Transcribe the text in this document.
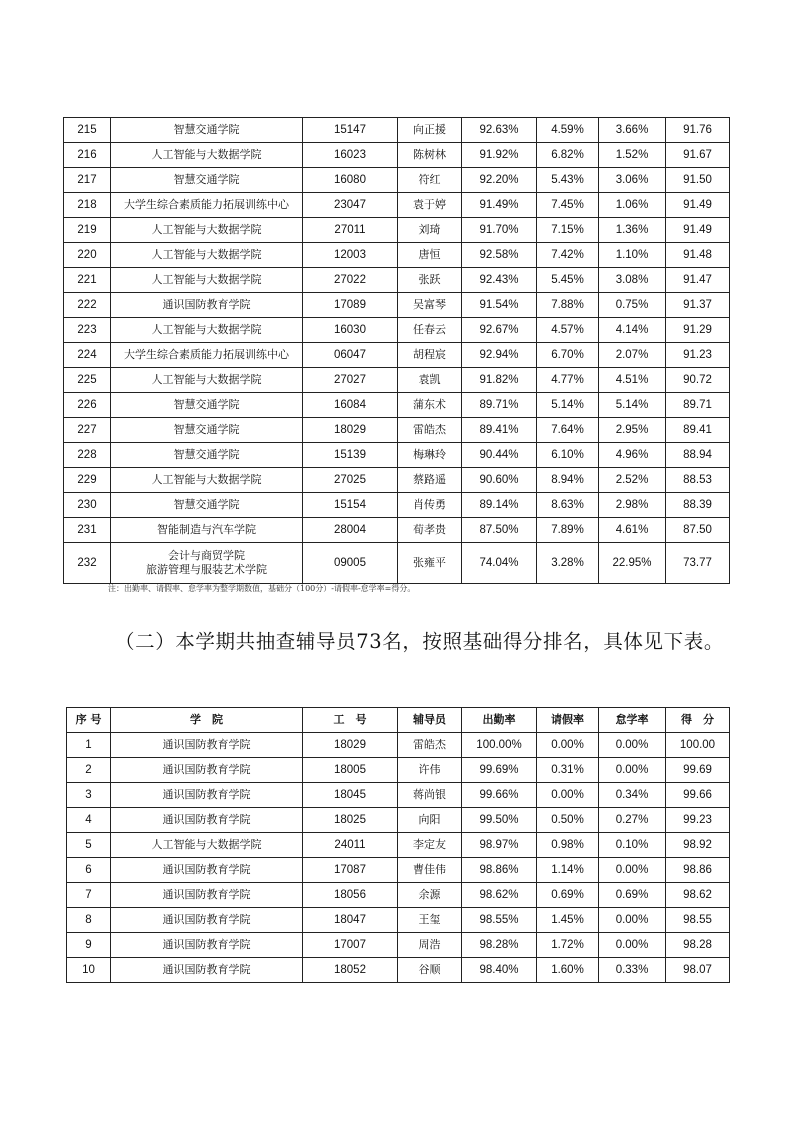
215	智慧交通学院	15147	向正援	92.63%	4.59%	3.66%	91.76
216	人工智能与大数据学院	16023	陈树林	91.92%	6.82%	1.52%	91.67
217	智慧交通学院	16080	符红	92.20%	5.43%	3.06%	91.50
218	大学生综合素质能力拓展训练中心	23047	袁于婷	91.49%	7.45%	1.06%	91.49
219	人工智能与大数据学院	27011	刘琦	91.70%	7.15%	1.36%	91.49
220	人工智能与大数据学院	12003	唐恒	92.58%	7.42%	1.10%	91.48
221	人工智能与大数据学院	27022	张跃	92.43%	5.45%	3.08%	91.47
222	通识国防教育学院	17089	吴富琴	91.54%	7.88%	0.75%	91.37
223	人工智能与大数据学院	16030	任春云	92.67%	4.57%	4.14%	91.29
224	大学生综合素质能力拓展训练中心	06047	胡程宸	92.94%	6.70%	2.07%	91.23
225	人工智能与大数据学院	27027	袁凯	91.82%	4.77%	4.51%	90.72
226	智慧交通学院	16084	蒲东术	89.71%	5.14%	5.14%	89.71
227	智慧交通学院	18029	雷皓杰	89.41%	7.64%	2.95%	89.41
228	智慧交通学院	15139	梅琳玲	90.44%	6.10%	4.96%	88.94
229	人工智能与大数据学院	27025	蔡路遥	90.60%	8.94%	2.52%	88.53
230	智慧交通学院	15154	肖传勇	89.14%	8.63%	2.98%	88.39
231	智能制造与汽车学院	28004	荀孝贵	87.50%	7.89%	4.61%	87.50
232	会计与商贸学院
旅游管理与服装艺术学院	09005	张雍平	74.04%	3.28%	22.95%	73.77
注：出勤率、请假率、怠学率为整学期数值，基础分（100分）-请假率-怠学率=得分。
（二）本学期共抽查辅导员73名，按照基础得分排名，具体见下表。
序 号	学　院	工　号	辅导员	出勤率	请假率	怠学率	得　分
1	通识国防教育学院	18029	雷皓杰	100.00%	0.00%	0.00%	100.00
2	通识国防教育学院	18005	许伟	99.69%	0.31%	0.00%	99.69
3	通识国防教育学院	18045	蒋尚银	99.66%	0.00%	0.34%	99.66
4	通识国防教育学院	18025	向阳	99.50%	0.50%	0.27%	99.23
5	人工智能与大数据学院	24011	李定友	98.97%	0.98%	0.10%	98.92
6	通识国防教育学院	17087	曹佳伟	98.86%	1.14%	0.00%	98.86
7	通识国防教育学院	18056	余源	98.62%	0.69%	0.69%	98.62
8	通识国防教育学院	18047	王玺	98.55%	1.45%	0.00%	98.55
9	通识国防教育学院	17007	周浩	98.28%	1.72%	0.00%	98.28
10	通识国防教育学院	18052	谷顺	98.40%	1.60%	0.33%	98.07
